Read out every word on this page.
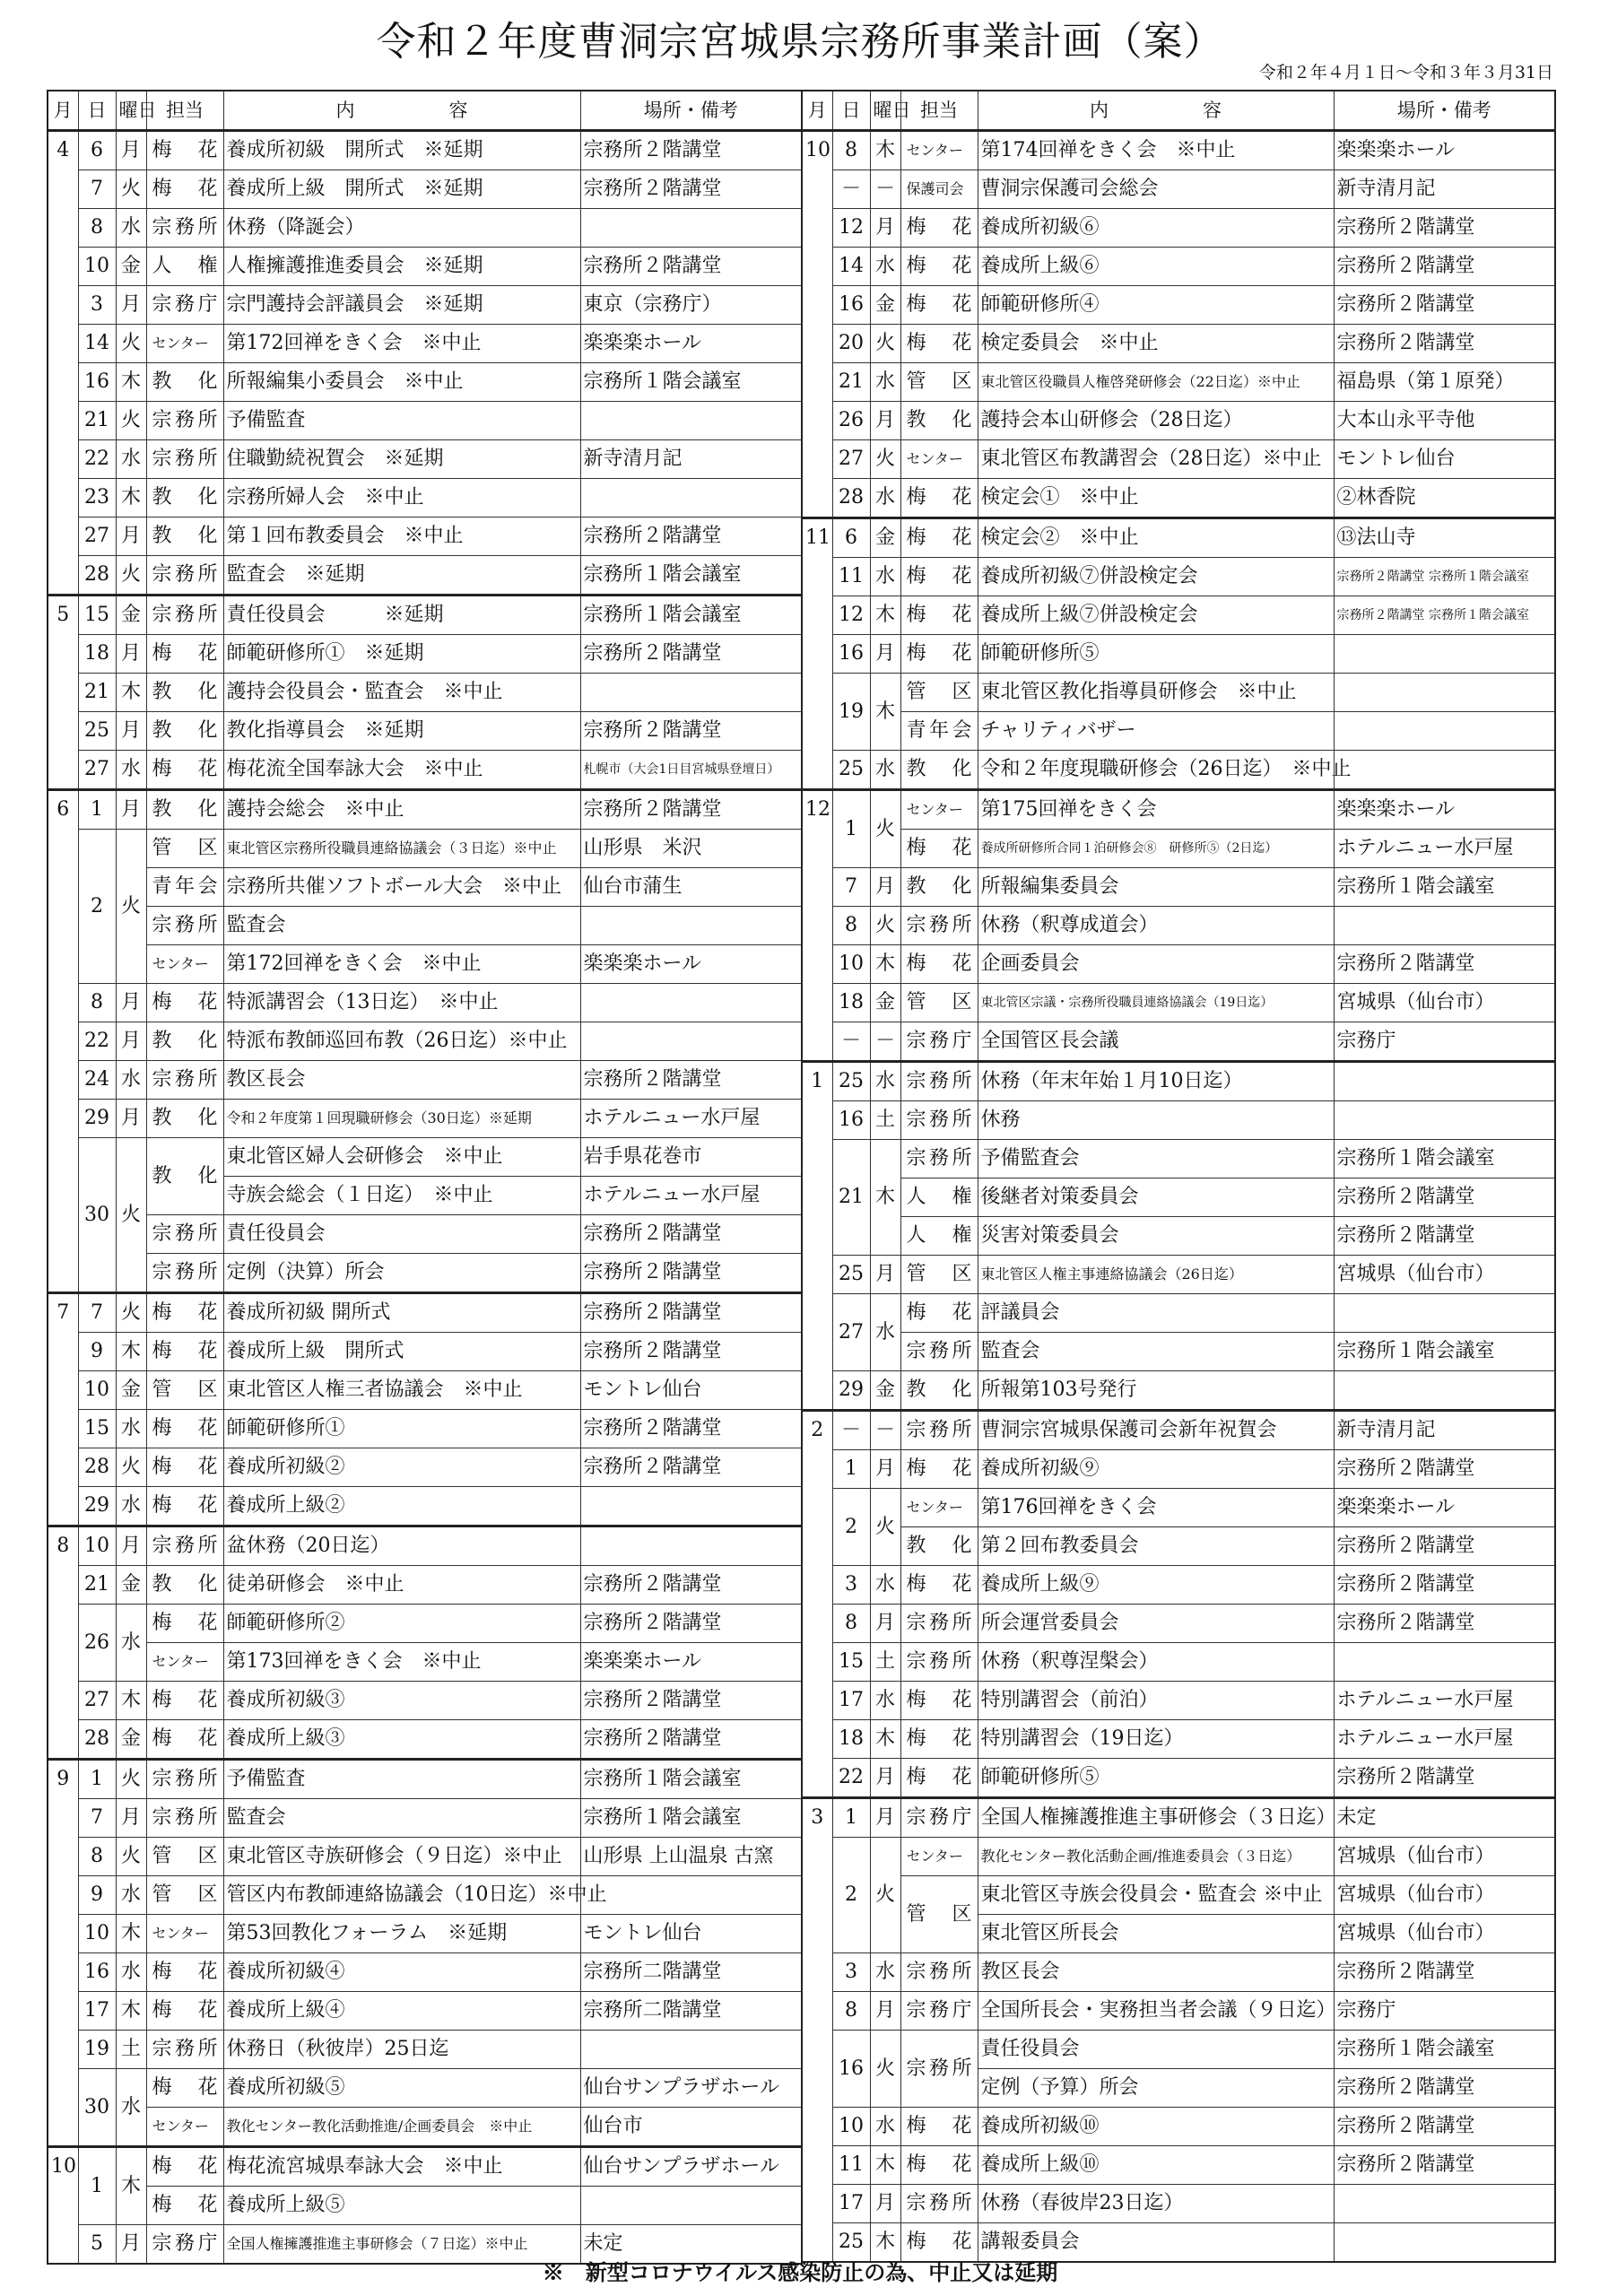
令和２年度曹洞宗宮城県宗務所事業計画（案）
令和２年４月１日～令和３年３月31日
月	日	曜日	担当	内　　　　　容	場所・備考
4	6	月	梅　花	養成所初級　開所式　※延期	宗務所２階講堂
	7	火	梅　花	養成所上級　開所式　※延期	宗務所２階講堂
	8	水	宗務所	休務（降誕会）	
	10	金	人　権	人権擁護推進委員会　※延期	宗務所２階講堂
	3	月	宗務庁	宗門護持会評議員会　※延期	東京（宗務庁）
	14	火	センター	第172回禅をきく会　※中止	楽楽楽ホール
	16	木	教　化	所報編集小委員会　※中止	宗務所１階会議室
	21	火	宗務所	予備監査	
	22	水	宗務所	住職勤続祝賀会　※延期	新寺清月記
	23	木	教　化	宗務所婦人会　※中止	
	27	月	教　化	第１回布教委員会　※中止	宗務所２階講堂
	28	火	宗務所	監査会　※延期	宗務所１階会議室
5	15	金	宗務所	責任役員会　　　※延期	宗務所１階会議室
	18	月	梅　花	師範研修所①　※延期	宗務所２階講堂
	21	木	教　化	護持会役員会・監査会　※中止	
	25	月	教　化	教化指導員会　※延期	宗務所２階講堂
	27	水	梅　花	梅花流全国奉詠大会　※中止	札幌市（大会1日目宮城県登壇日）
6	1	月	教　化	護持会総会　※中止	宗務所２階講堂
	2	火	管　区	東北管区宗務所役職員連絡協議会（３日迄）※中止	山形県　米沢
			青年会	宗務所共催ソフトボール大会　※中止	仙台市蒲生
			宗務所	監査会	
			センター	第172回禅をきく会　※中止	楽楽楽ホール
	8	月	梅　花	特派講習会（13日迄）　※中止	
	22	月	教　化	特派布教師巡回布教（26日迄）※中止	
	24	水	宗務所	教区長会	宗務所２階講堂
	29	月	教　化	令和２年度第１回現職研修会（30日迄）※延期	ホテルニュー水戸屋
	30	火	教　化	東北管区婦人会研修会　※中止	岩手県花巻市
				寺族会総会（１日迄）　※中止	ホテルニュー水戸屋
			宗務所	責任役員会	宗務所２階講堂
			宗務所	定例（決算）所会	宗務所２階講堂
7	7	火	梅　花	養成所初級 開所式	宗務所２階講堂
	9	木	梅　花	養成所上級　開所式	宗務所２階講堂
	10	金	管　区	東北管区人権三者協議会　※中止	モントレ仙台
	15	水	梅　花	師範研修所①	宗務所２階講堂
	28	火	梅　花	養成所初級②	宗務所２階講堂
	29	水	梅　花	養成所上級②	
8	10	月	宗務所	盆休務（20日迄）	
	21	金	教　化	徒弟研修会　※中止	宗務所２階講堂
	26	水	梅　花	師範研修所②	宗務所２階講堂
			センター	第173回禅をきく会　※中止	楽楽楽ホール
	27	木	梅　花	養成所初級③	宗務所２階講堂
	28	金	梅　花	養成所上級③	宗務所２階講堂
9	1	火	宗務所	予備監査	宗務所１階会議室
	7	月	宗務所	監査会	宗務所１階会議室
	8	火	管　区	東北管区寺族研修会（９日迄）※中止	山形県 上山温泉 古窯
	9	水	管　区	管区内布教師連絡協議会（10日迄）※中止	
	10	木	センター	第53回教化フォーラム　※延期	モントレ仙台
	16	水	梅　花	養成所初級④	宗務所二階講堂
	17	木	梅　花	養成所上級④	宗務所二階講堂
	19	土	宗務所	休務日（秋彼岸）25日迄	
	30	水	梅　花	養成所初級⑤	仙台サンプラザホール
			センター	教化センター教化活動推進/企画委員会　※中止	仙台市
10	1	木	梅　花	梅花流宮城県奉詠大会　※中止	仙台サンプラザホール
			梅　花	養成所上級⑤	
	5	月	宗務庁	全国人権擁護推進主事研修会（７日迄）※中止	未定
月	日	曜日	担当	内　　　　　容	場所・備考
10	8	木	センター	第174回禅をきく会　※中止	楽楽楽ホール
	－	－	保護司会	曹洞宗保護司会総会	新寺清月記
	12	月	梅　花	養成所初級⑥	宗務所２階講堂
	14	水	梅　花	養成所上級⑥	宗務所２階講堂
	16	金	梅　花	師範研修所④	宗務所２階講堂
	20	火	梅　花	検定委員会　※中止	宗務所２階講堂
	21	水	管　区	東北管区役職員人権啓発研修会（22日迄）※中止	福島県（第１原発）
	26	月	教　化	護持会本山研修会（28日迄）	大本山永平寺他
	27	火	センター	東北管区布教講習会（28日迄）※中止	モントレ仙台
	28	水	梅　花	検定会①　※中止	②林香院
11	6	金	梅　花	検定会②　※中止	⑬法山寺
	11	水	梅　花	養成所初級⑦併設検定会	宗務所２階講堂 宗務所１階会議室
	12	木	梅　花	養成所上級⑦併設検定会	宗務所２階講堂 宗務所１階会議室
	16	月	梅　花	師範研修所⑤	
	19	木	管　区	東北管区教化指導員研修会　※中止	
			青年会	チャリティバザー	
	25	水	教　化	令和２年度現職研修会（26日迄）　※中止	
12	1	火	センター	第175回禅をきく会	楽楽楽ホール
			梅　花	養成所研修所合同１泊研修会⑧　研修所⑤（2日迄）	ホテルニュー水戸屋
	7	月	教　化	所報編集委員会	宗務所１階会議室
	8	火	宗務所	休務（釈尊成道会）	
	10	木	梅　花	企画委員会	宗務所２階講堂
	18	金	管　区	東北管区宗議・宗務所役職員連絡協議会（19日迄）	宮城県（仙台市）
	－	－	宗務庁	全国管区長会議	宗務庁
1	25	水	宗務所	休務（年末年始１月10日迄）	
	16	土	宗務所	休務	
	21	木	宗務所	予備監査会	宗務所１階会議室
			人　権	後継者対策委員会	宗務所２階講堂
			人　権	災害対策委員会	宗務所２階講堂
	25	月	管　区	東北管区人権主事連絡協議会（26日迄）	宮城県（仙台市）
	27	水	梅　花	評議員会	
			宗務所	監査会	宗務所１階会議室
	29	金	教　化	所報第103号発行	
2	－	－	宗務所	曹洞宗宮城県保護司会新年祝賀会	新寺清月記
	1	月	梅　花	養成所初級⑨	宗務所２階講堂
	2	火	センター	第176回禅をきく会	楽楽楽ホール
			教　化	第２回布教委員会	宗務所２階講堂
	3	水	梅　花	養成所上級⑨	宗務所２階講堂
	8	月	宗務所	所会運営委員会	宗務所２階講堂
	15	土	宗務所	休務（釈尊涅槃会）	
	17	水	梅　花	特別講習会（前泊）	ホテルニュー水戸屋
	18	木	梅　花	特別講習会（19日迄）	ホテルニュー水戸屋
	22	月	梅　花	師範研修所⑤	宗務所２階講堂
3	1	月	宗務庁	全国人権擁護推進主事研修会（３日迄）	未定
	2	火	センター	教化センター教化活動企画/推進委員会（３日迄）	宮城県（仙台市）
			管　区	東北管区寺族会役員会・監査会 ※中止	宮城県（仙台市）
				東北管区所長会	宮城県（仙台市）
	3	水	宗務所	教区長会	宗務所２階講堂
	8	月	宗務庁	全国所長会・実務担当者会議（９日迄）	宗務庁
	16	火	宗務所	責任役員会	宗務所１階会議室
				定例（予算）所会	宗務所２階講堂
	10	水	梅　花	養成所初級⑩	宗務所２階講堂
	11	木	梅　花	養成所上級⑩	宗務所２階講堂
	17	月	宗務所	休務（春彼岸23日迄）	
	25	木	梅　花	講報委員会	
※　新型コロナウイルス感染防止の為、中止又は延期
